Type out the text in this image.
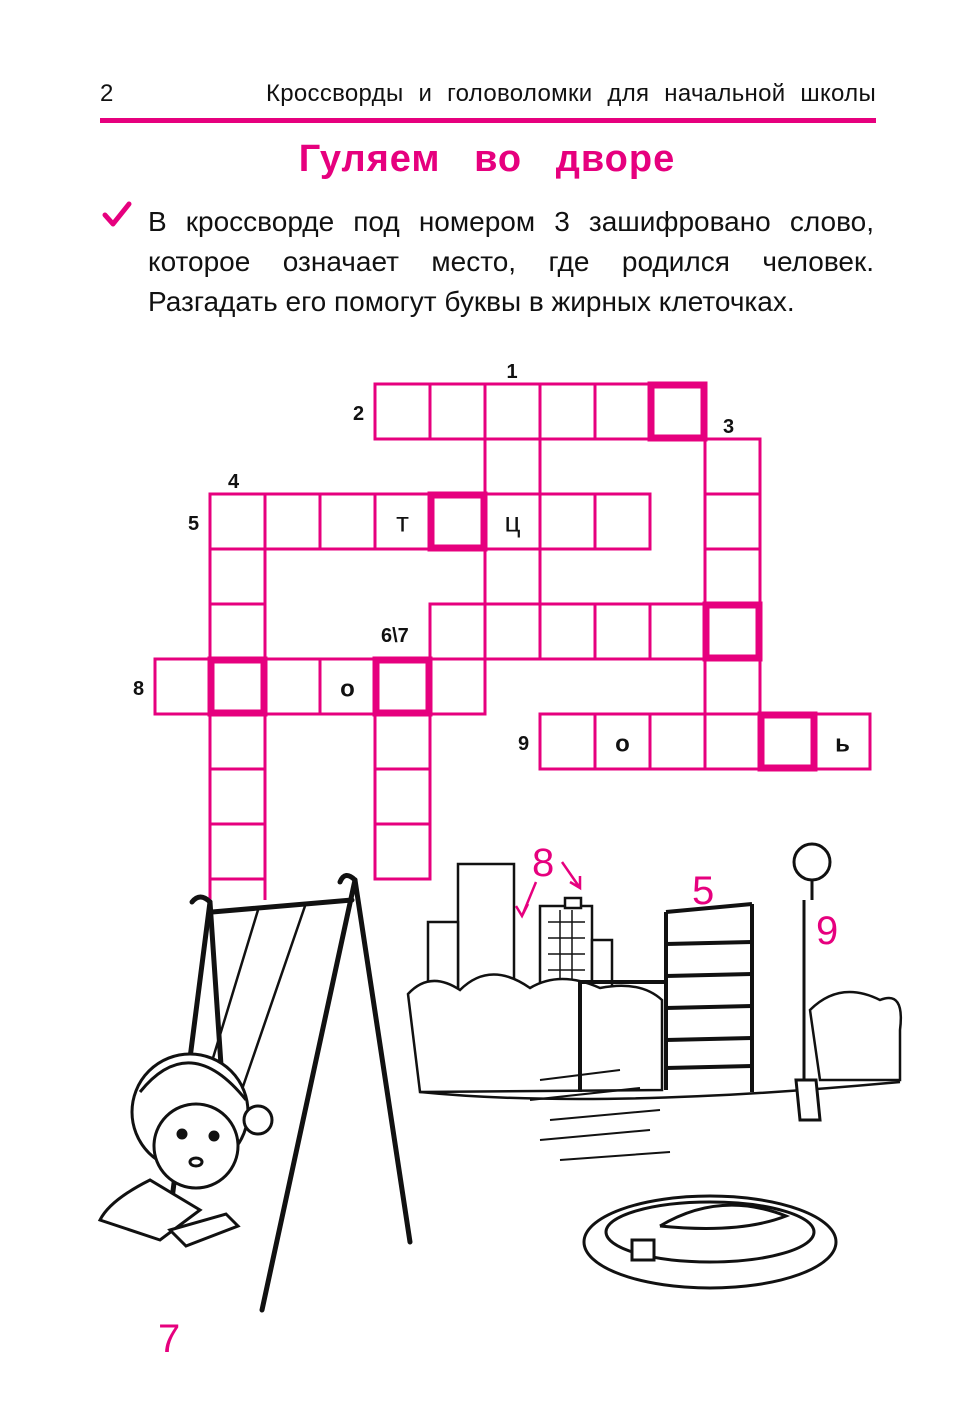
2	Кроссворды и головоломки для начальной школы
Гуляем во дворе
В кроссворде под номером 3 зашифровано слово, которое означает место, где родился человек. Разгадать его помогут буквы в жирных клеточках.
1
2
3
4
5
6\7
8
9
т	ц
о
о	ь
8
5
9
7
